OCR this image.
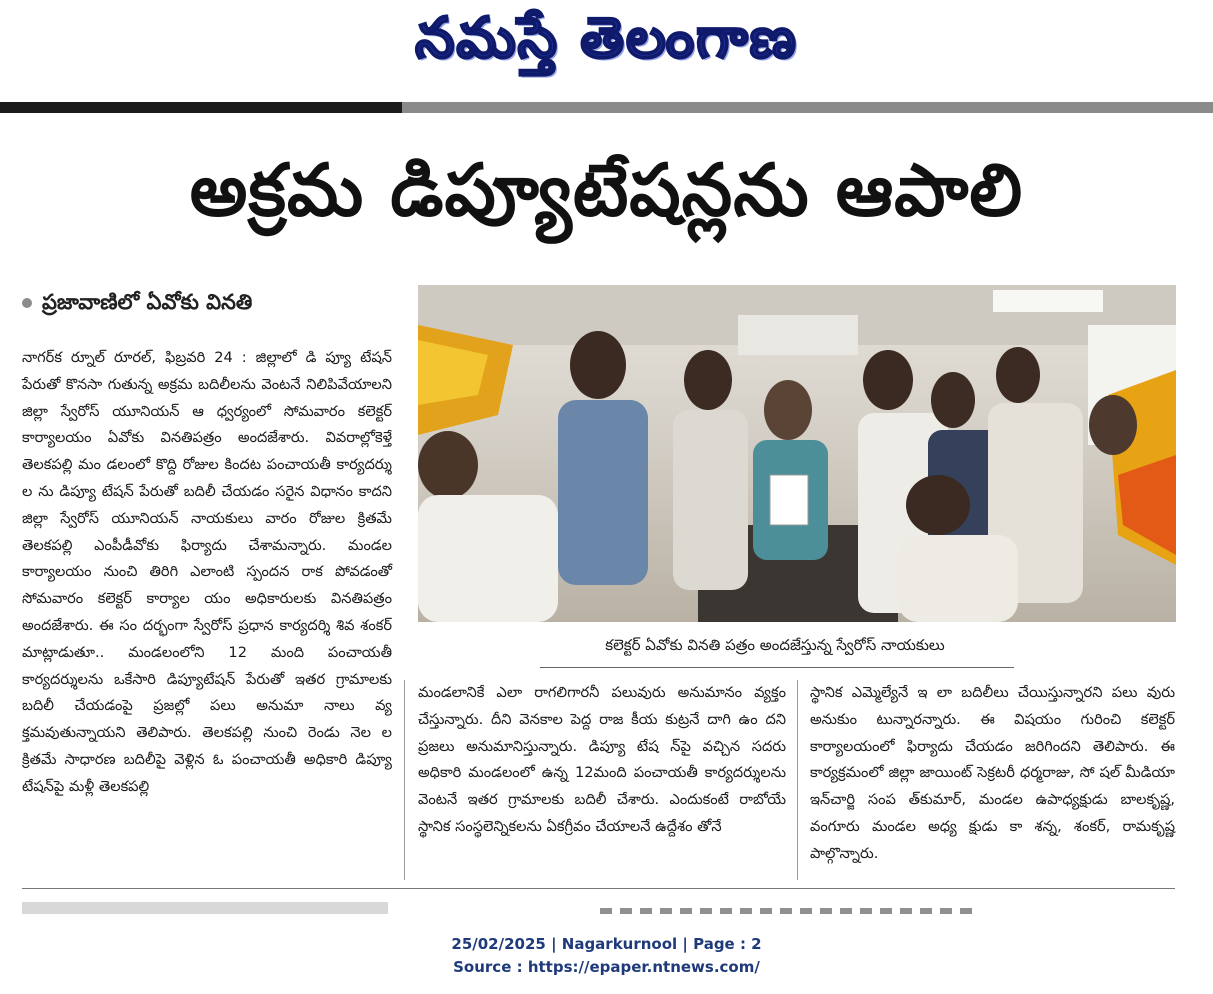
నమస్తే తెలంగాణ
అక్రమ డిప్యూటేషన్లను ఆపాలి
ప్రజావాణిలో ఏవోకు వినతి

నాగర్‌క ర్నూల్ రూరల్, ఫిబ్రవరి 24 : జిల్లాలో డి ప్యూ టేషన్ పేరుతో కొనసా గుతున్న అక్రమ బదిలీలను వెంటనే నిలిపివేయాలని జిల్లా స్వేరోస్ యూనియన్ ఆ ధ్వర్యంలో సోమవారం కలెక్టర్ కార్యాలయం ఏవోకు వినతిపత్రం అందజేశారు. వివరాల్లోకెళ్తే తెలకపల్లి మం డలంలో కొద్ది రోజుల కిందట పంచాయతీ కార్యదర్శు ల ను డిప్యూ టేషన్ పేరుతో బదిలీ చేయడం సరైన విధానం కాదని జిల్లా స్వేరోస్ యూనియన్ నాయకులు వారం రోజుల క్రితమే తెలకపల్లి ఎంపీడీవోకు ఫిర్యాదు చేశామన్నారు. మండల కార్యాలయం నుంచి తిరిగి ఎలాంటి స్పందన రాక పోవడంతో సోమవారం కలెక్టర్ కార్యాల యం అధికారులకు వినతిపత్రం అందజేశారు. ఈ సం దర్భంగా స్వేరోస్ ప్రధాన కార్యదర్శి శివ శంకర్ మాట్లాడుతూ.. మండలంలోని 12 మంది పంచాయతీ కార్యదర్శులను ఒకేసారి డిప్యూటేషన్ పేరుతో ఇతర గ్రామాలకు బదిలీ చేయడంపై ప్రజల్లో పలు అనుమా నాలు వ్య క్తమవుతున్నాయని తెలిపారు. తెలకపల్లి నుంచి రెండు నెల ల క్రితమే సాధారణ బదిలీపై వెళ్లిన ఓ పంచాయతీ అధికారి డిప్యూ టేషన్‌పై మళ్లీ తెలకపల్లి

కలెక్టర్ ఏవోకు వినతి పత్రం అందజేస్తున్న స్వేరోస్ నాయకులు

మండలానికే ఎలా రాగలిగారనీ పలువురు అనుమానం వ్యక్తం చేస్తున్నారు. దీని వెనకాల పెద్ద రాజ కీయ కుట్రనే దాగి ఉం దని ప్రజలు అనుమానిస్తున్నారు. డిప్యూ టేష న్‌పై వచ్చిన సదరు అధికారి మండలంలో ఉన్న 12మంది పంచాయతీ కార్యదర్శులను వెంటనే ఇతర గ్రామాలకు బదిలీ చేశారు. ఎందుకంటే రాబోయే స్థానిక సంస్థలెన్నికలను ఏకగ్రీవం చేయాలనే ఉద్దేశం తోనే

స్థానిక ఎమ్మెల్యేనే ఇ లా బదిలీలు చేయిస్తున్నారని పలు వురు అనుకుం టున్నారన్నారు. ఈ విషయం గురించి కలెక్టర్ కార్యాలయంలో ఫిర్యాదు చేయడం జరిగిందని తెలిపారు. ఈ కార్యక్రమంలో జిల్లా జాయింట్ సెక్రటరీ ధర్మరాజు, సో షల్ మీడియా ఇన్‌చార్జి సంప త్‌కుమార్, మండల ఉపాధ్యక్షుడు బాలకృష్ణ, వంగూరు మండల అధ్య క్షుడు కా శన్న, శంకర్, రామకృష్ణ పాల్గొన్నారు.

25/02/2025 | Nagarkurnool | Page : 2
Source : https://epaper.ntnews.com/
